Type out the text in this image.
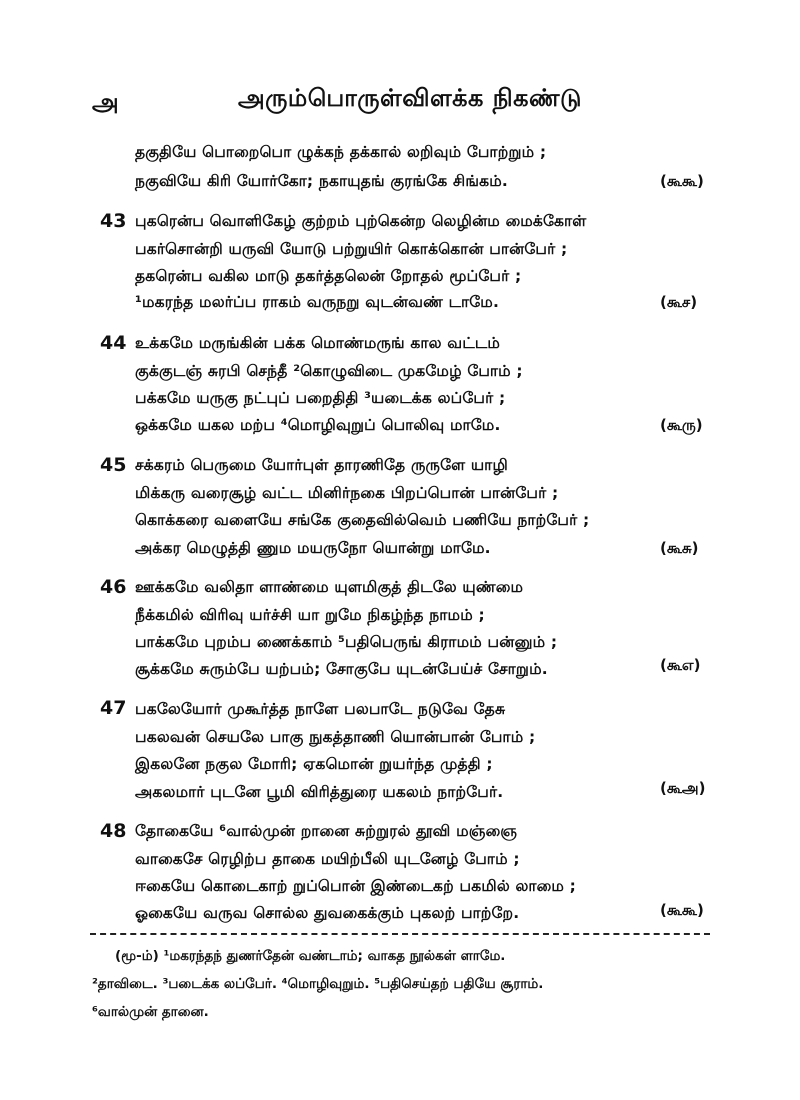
அ	அரும்பொருள்விளக்க நிகண்டு
தகுதியே பொறைபொ ழுக்கந் தக்கால் லறிவும் போற்றும் ;
நகுவியே கிரி யோர்கோ; நகாயுதங் குரங்கே சிங்கம்.	(கூகூ)
43 புகரென்ப வொளிகேழ் குற்றம் புற்கென்ற லெழின்ம மைக்கோள்
பகர்சொன்றி யருவி யோடு பற்றுயிர் கொக்கொன் பான்பேர் ;
தகரென்ப வகில மாடு தகர்த்தலென் றோதல் மூப்பேர் ;
¹மகரந்த மலர்ப்ப ராகம் வருநறு வுடன்வண் டாமே.	(கூச)
44 உக்கமே மருங்கின் பக்க மொண்மருங் கால வட்டம்
குக்குடஞ் சுரபி செந்தீ ²கொழுவிடை முகமேழ் போம் ;
பக்கமே யருகு நட்புப் பறைதிதி ³யடைக்க லப்பேர் ;
ஒக்கமே யகல மற்ப ⁴மொழிவுறுப் பொலிவு மாமே.	(கூரு)
45 சக்கரம் பெருமை யோர்புள் தாரணிதே ருருளே யாழி
மிக்கரு வரைசூழ் வட்ட மினிர்நகை பிறப்பொன் பான்பேர் ;
கொக்கரை வளையே சங்கே குதைவில்வெம் பணியே நாற்பேர் ;
அக்கர மெழுத்தி ணும மயருநோ யொன்று மாமே.	(கூசு)
46 ஊக்கமே வலிதா ளாண்மை யுளமிகுத் திடலே யுண்மை
நீக்கமில் விரிவு யர்ச்சி யா றுமே நிகழ்ந்த நாமம் ;
பாக்கமே புறம்ப ணைக்காம் ⁵பதிபெருங் கிராமம் பன்னும் ;
சூக்கமே சுரும்பே யற்பம்; சோகுபே யுடன்பேய்ச் சோறும்.	(கூஎ)
47 பகலேயோர் முகூர்த்த நாளே பலபாடே நடுவே தேசு
பகலவன் செயலே பாகு நுகத்தாணி யொன்பான் போம் ;
இகலனே நகுல மோரி; ஏகமொன் றுயர்ந்த முத்தி ;
அகலமார் புடனே பூமி விரித்துரை யகலம் நாற்பேர்.	(கூஅ)
48 தோகையே ⁶வால்முன் றானை சுற்றுரல் தூவி மஞ்ஞை
வாகைசே ரெழிற்ப தாகை மயிற்பீலி யுடனேழ் போம் ;
ஈகையே கொடைகாற் றுப்பொன் இண்டைகற் பகமில் லாமை ;
ஓகையே வருவ சொல்ல துவகைக்கும் புகலற் பாற்றே.	(கூகூ)
(மூ-ம்) ¹மகரந்தந் துணர்தேன் வண்டாம்; வாகத நூல்கள் ளாமே.
²தாவிடை. ³படைக்க லப்பேர். ⁴மொழிவுறும். ⁵பதிசெய்தற் பதியே சூராம்.
⁶வால்முன் தானை.
